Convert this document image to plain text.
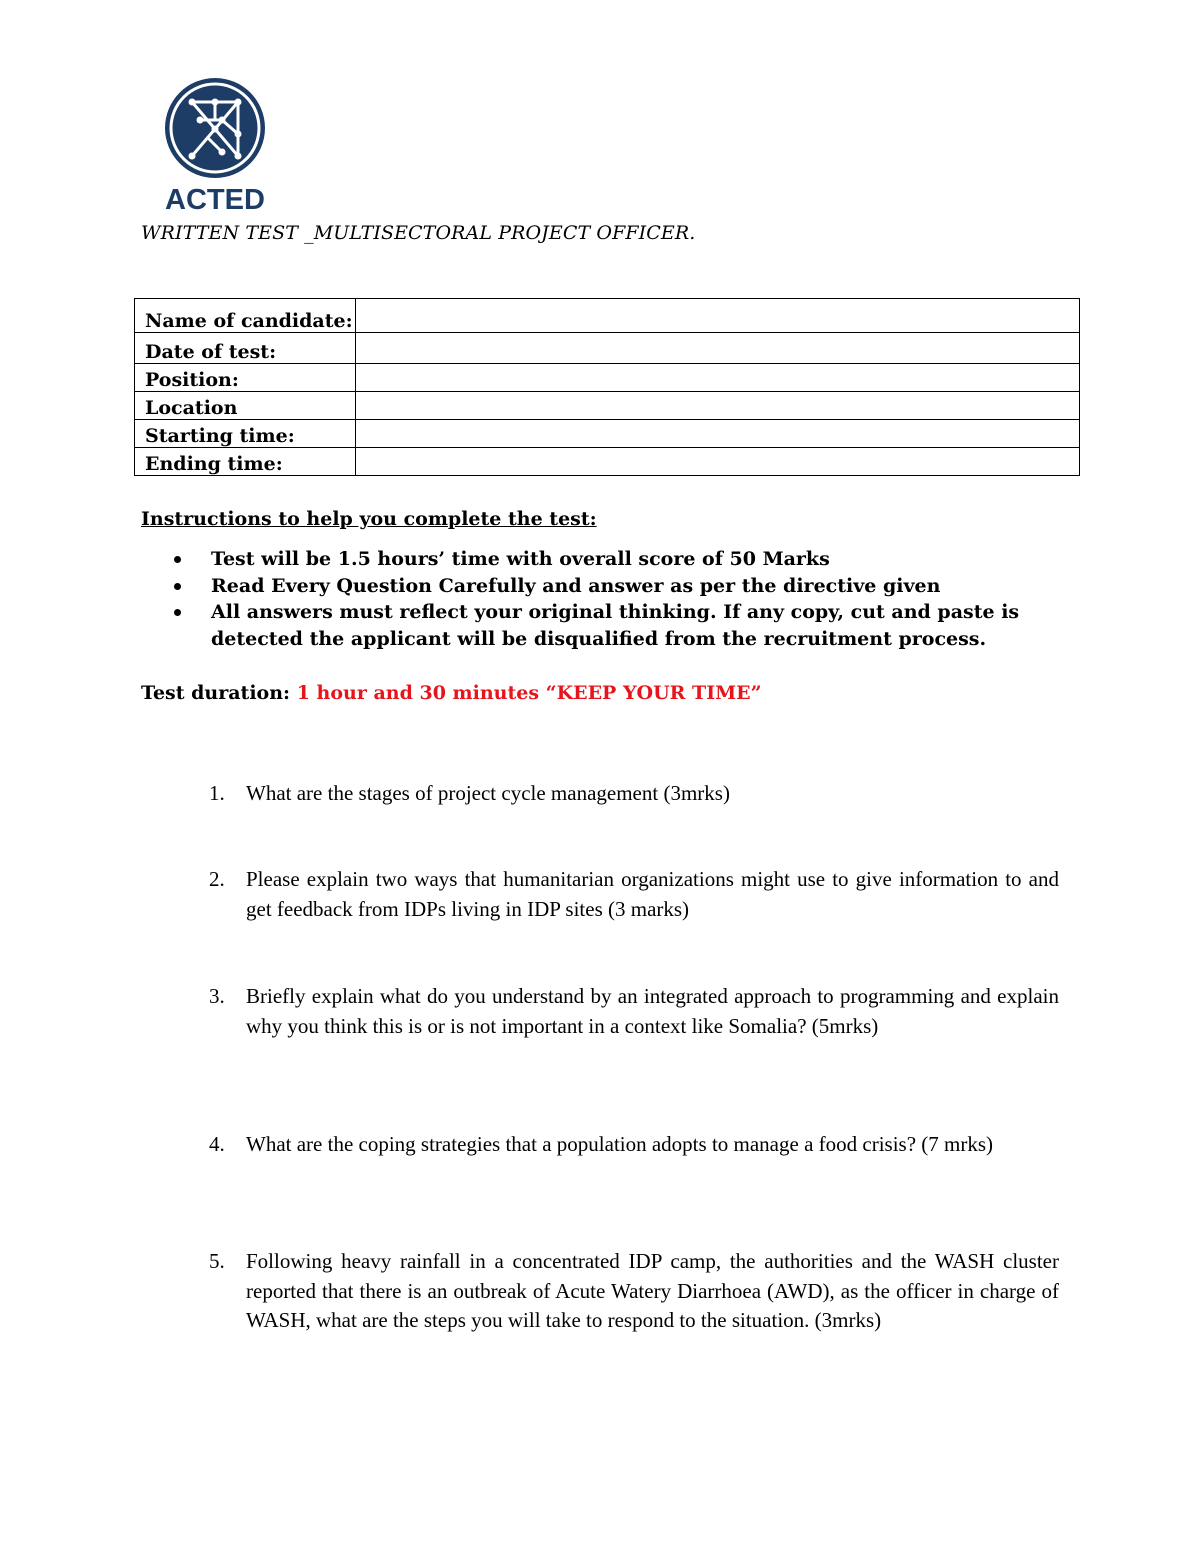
ACTED
WRITTEN TEST _MULTISECTORAL PROJECT OFFICER.
Name of candidate:	
Date of test:	
Position:	
Location	
Starting time:	
Ending time:	
Instructions to help you complete the test:
Test will be 1.5 hours’ time with overall score of 50 Marks
Read Every Question Carefully and answer as per the directive given
All answers must reflect your original thinking. If any copy, cut and paste is detected the applicant will be disqualified from the recruitment process.
Test duration: 1 hour and 30 minutes “KEEP YOUR TIME”
1. What are the stages of project cycle management (3mrks)
2. Please explain two ways that humanitarian organizations might use to give information to and get feedback from IDPs living in IDP sites (3 marks)
3. Briefly explain what do you understand by an integrated approach to programming and explain why you think this is or is not important in a context like Somalia? (5mrks)
4. What are the coping strategies that a population adopts to manage a food crisis? (7 mrks)
5. Following heavy rainfall in a concentrated IDP camp, the authorities and the WASH cluster reported that there is an outbreak of Acute Watery Diarrhoea (AWD), as the officer in charge of WASH, what are the steps you will take to respond to the situation. (3mrks)
